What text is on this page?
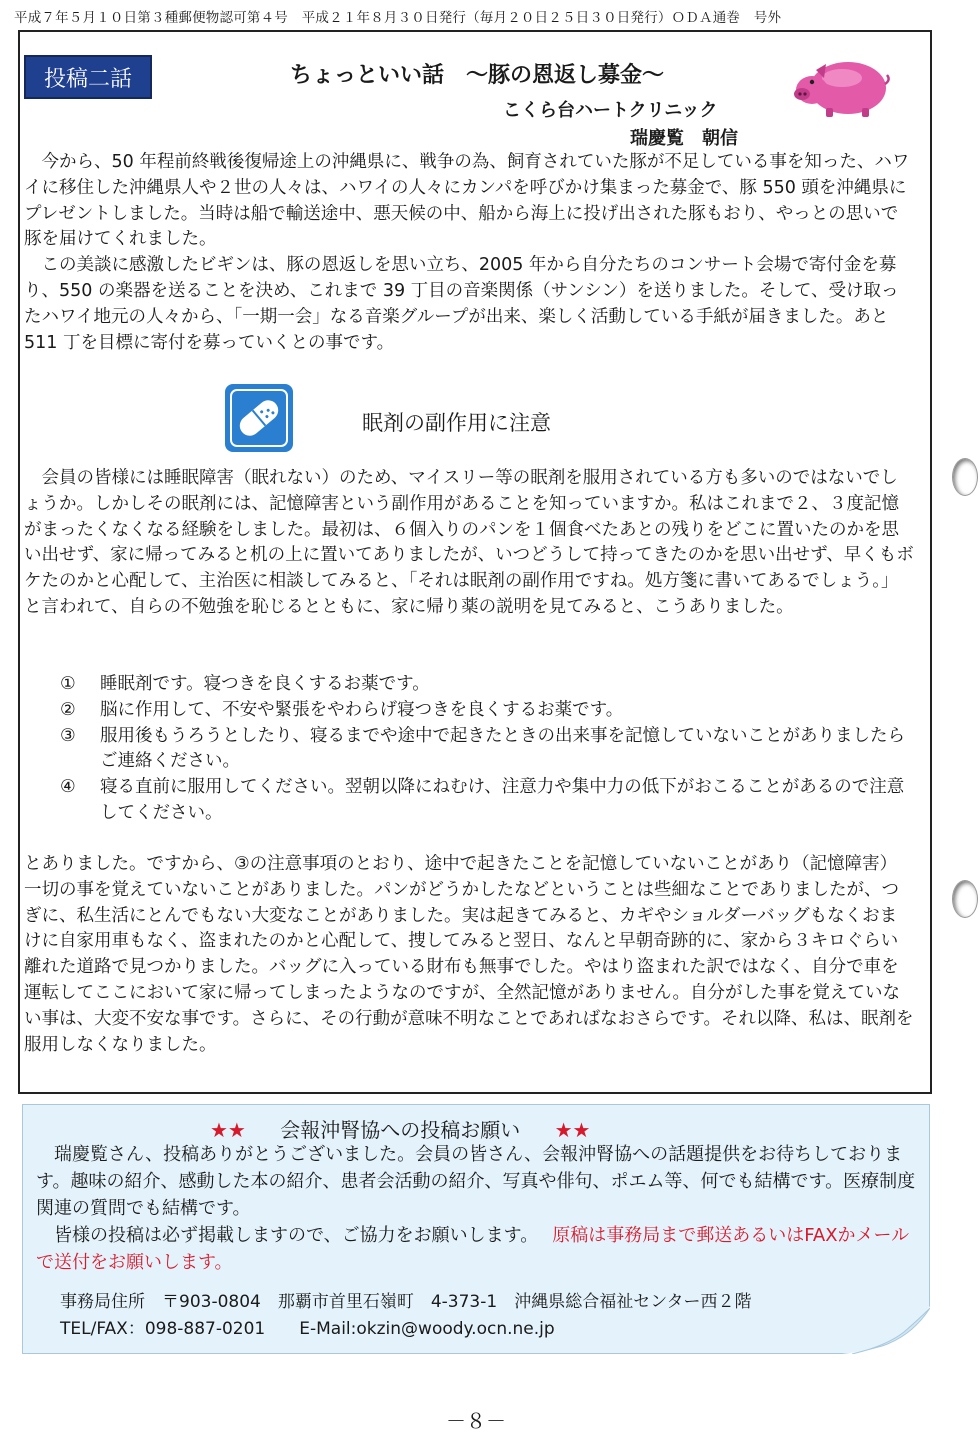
平成７年５月１０日第３種郵便物認可第４号　平成２１年８月３０日発行（毎月２０日２５日３０日発行）ＯＤＡ通巻　号外
投稿二話	ちょっといい話　～豚の恩返し募金～
こくら台ハートクリニック
瑞慶覧　朝信

　今から、50 年程前終戦後復帰途上の沖縄県に、戦争の為、飼育されていた豚が不足している事を知った、ハワイに移住した沖縄県人や２世の人々は、ハワイの人々にカンパを呼びかけ集まった募金で、豚 550 頭を沖縄県にプレゼントしました。当時は船で輸送途中、悪天候の中、船から海上に投げ出された豚もおり、やっとの思いで豚を届けてくれました。

　この美談に感激したビギンは、豚の恩返しを思い立ち、2005 年から自分たちのコンサート会場で寄付金を募り、550 の楽器を送ることを決め、これまで 39 丁目の音楽関係（サンシン）を送りました。そして、受け取ったハワイ地元の人々から、「一期一会」なる音楽グループが出来、楽しく活動している手紙が届きました。あと 511 丁を目標に寄付を募っていくとの事です。

眠剤の副作用に注意

　会員の皆様には睡眠障害（眠れない）のため、マイスリー等の眠剤を服用されている方も多いのではないでしょうか。しかしその眠剤には、記憶障害という副作用があることを知っていますか。私はこれまで２、３度記憶がまったくなくなる経験をしました。最初は、６個入りのパンを１個食べたあとの残りをどこに置いたのかを思い出せず、家に帰ってみると机の上に置いてありましたが、いつどうして持ってきたのかを思い出せず、早くもボケたのかと心配して、主治医に相談してみると、「それは眠剤の副作用ですね。処方箋に書いてあるでしょう。」と言われて、自らの不勉強を恥じるとともに、家に帰り薬の説明を見てみると、こうありました。

① 睡眠剤です。寝つきを良くするお薬です。
② 脳に作用して、不安や緊張をやわらげ寝つきを良くするお薬です。
③ 服用後もうろうとしたり、寝るまでや途中で起きたときの出来事を記憶していないことがありましたらご連絡ください。
④ 寝る直前に服用してください。翌朝以降にねむけ、注意力や集中力の低下がおこることがあるので注意してください。

とありました。ですから、③の注意事項のとおり、途中で起きたことを記憶していないことがあり（記憶障害）一切の事を覚えていないことがありました。パンがどうかしたなどということは些細なことでありましたが、つぎに、私生活にとんでもない大変なことがありました。実は起きてみると、カギやショルダーバッグもなくおまけに自家用車もなく、盗まれたのかと心配して、捜してみると翌日、なんと早朝奇跡的に、家から３キロぐらい離れた道路で見つかりました。バッグに入っている財布も無事でした。やはり盗まれた訳ではなく、自分で車を運転してここにおいて家に帰ってしまったようなのですが、全然記憶がありません。自分がした事を覚えていない事は、大変不安な事です。さらに、その行動が意味不明なことであればなおさらです。それ以降、私は、眠剤を服用しなくなりました。

★★ 会報沖腎協への投稿お願い ★★
　瑞慶覧さん、投稿ありがとうございました。会員の皆さん、会報沖腎協への話題提供をお待ちしております。趣味の紹介、感動した本の紹介、患者会活動の紹介、写真や俳句、ポエム等、何でも結構です。医療制度関連の質問でも結構です。
　皆様の投稿は必ず掲載しますので、ご協力をお願いします。 原稿は事務局まで郵送あるいはFAXかメールで送付をお願いします。
事務局住所　〒903-0804　那覇市首里石嶺町　4-373-1　沖縄県総合福祉センター西２階
TEL/FAX：098-887-0201　　E-Mail:okzin@woody.ocn.ne.jp
－８－
